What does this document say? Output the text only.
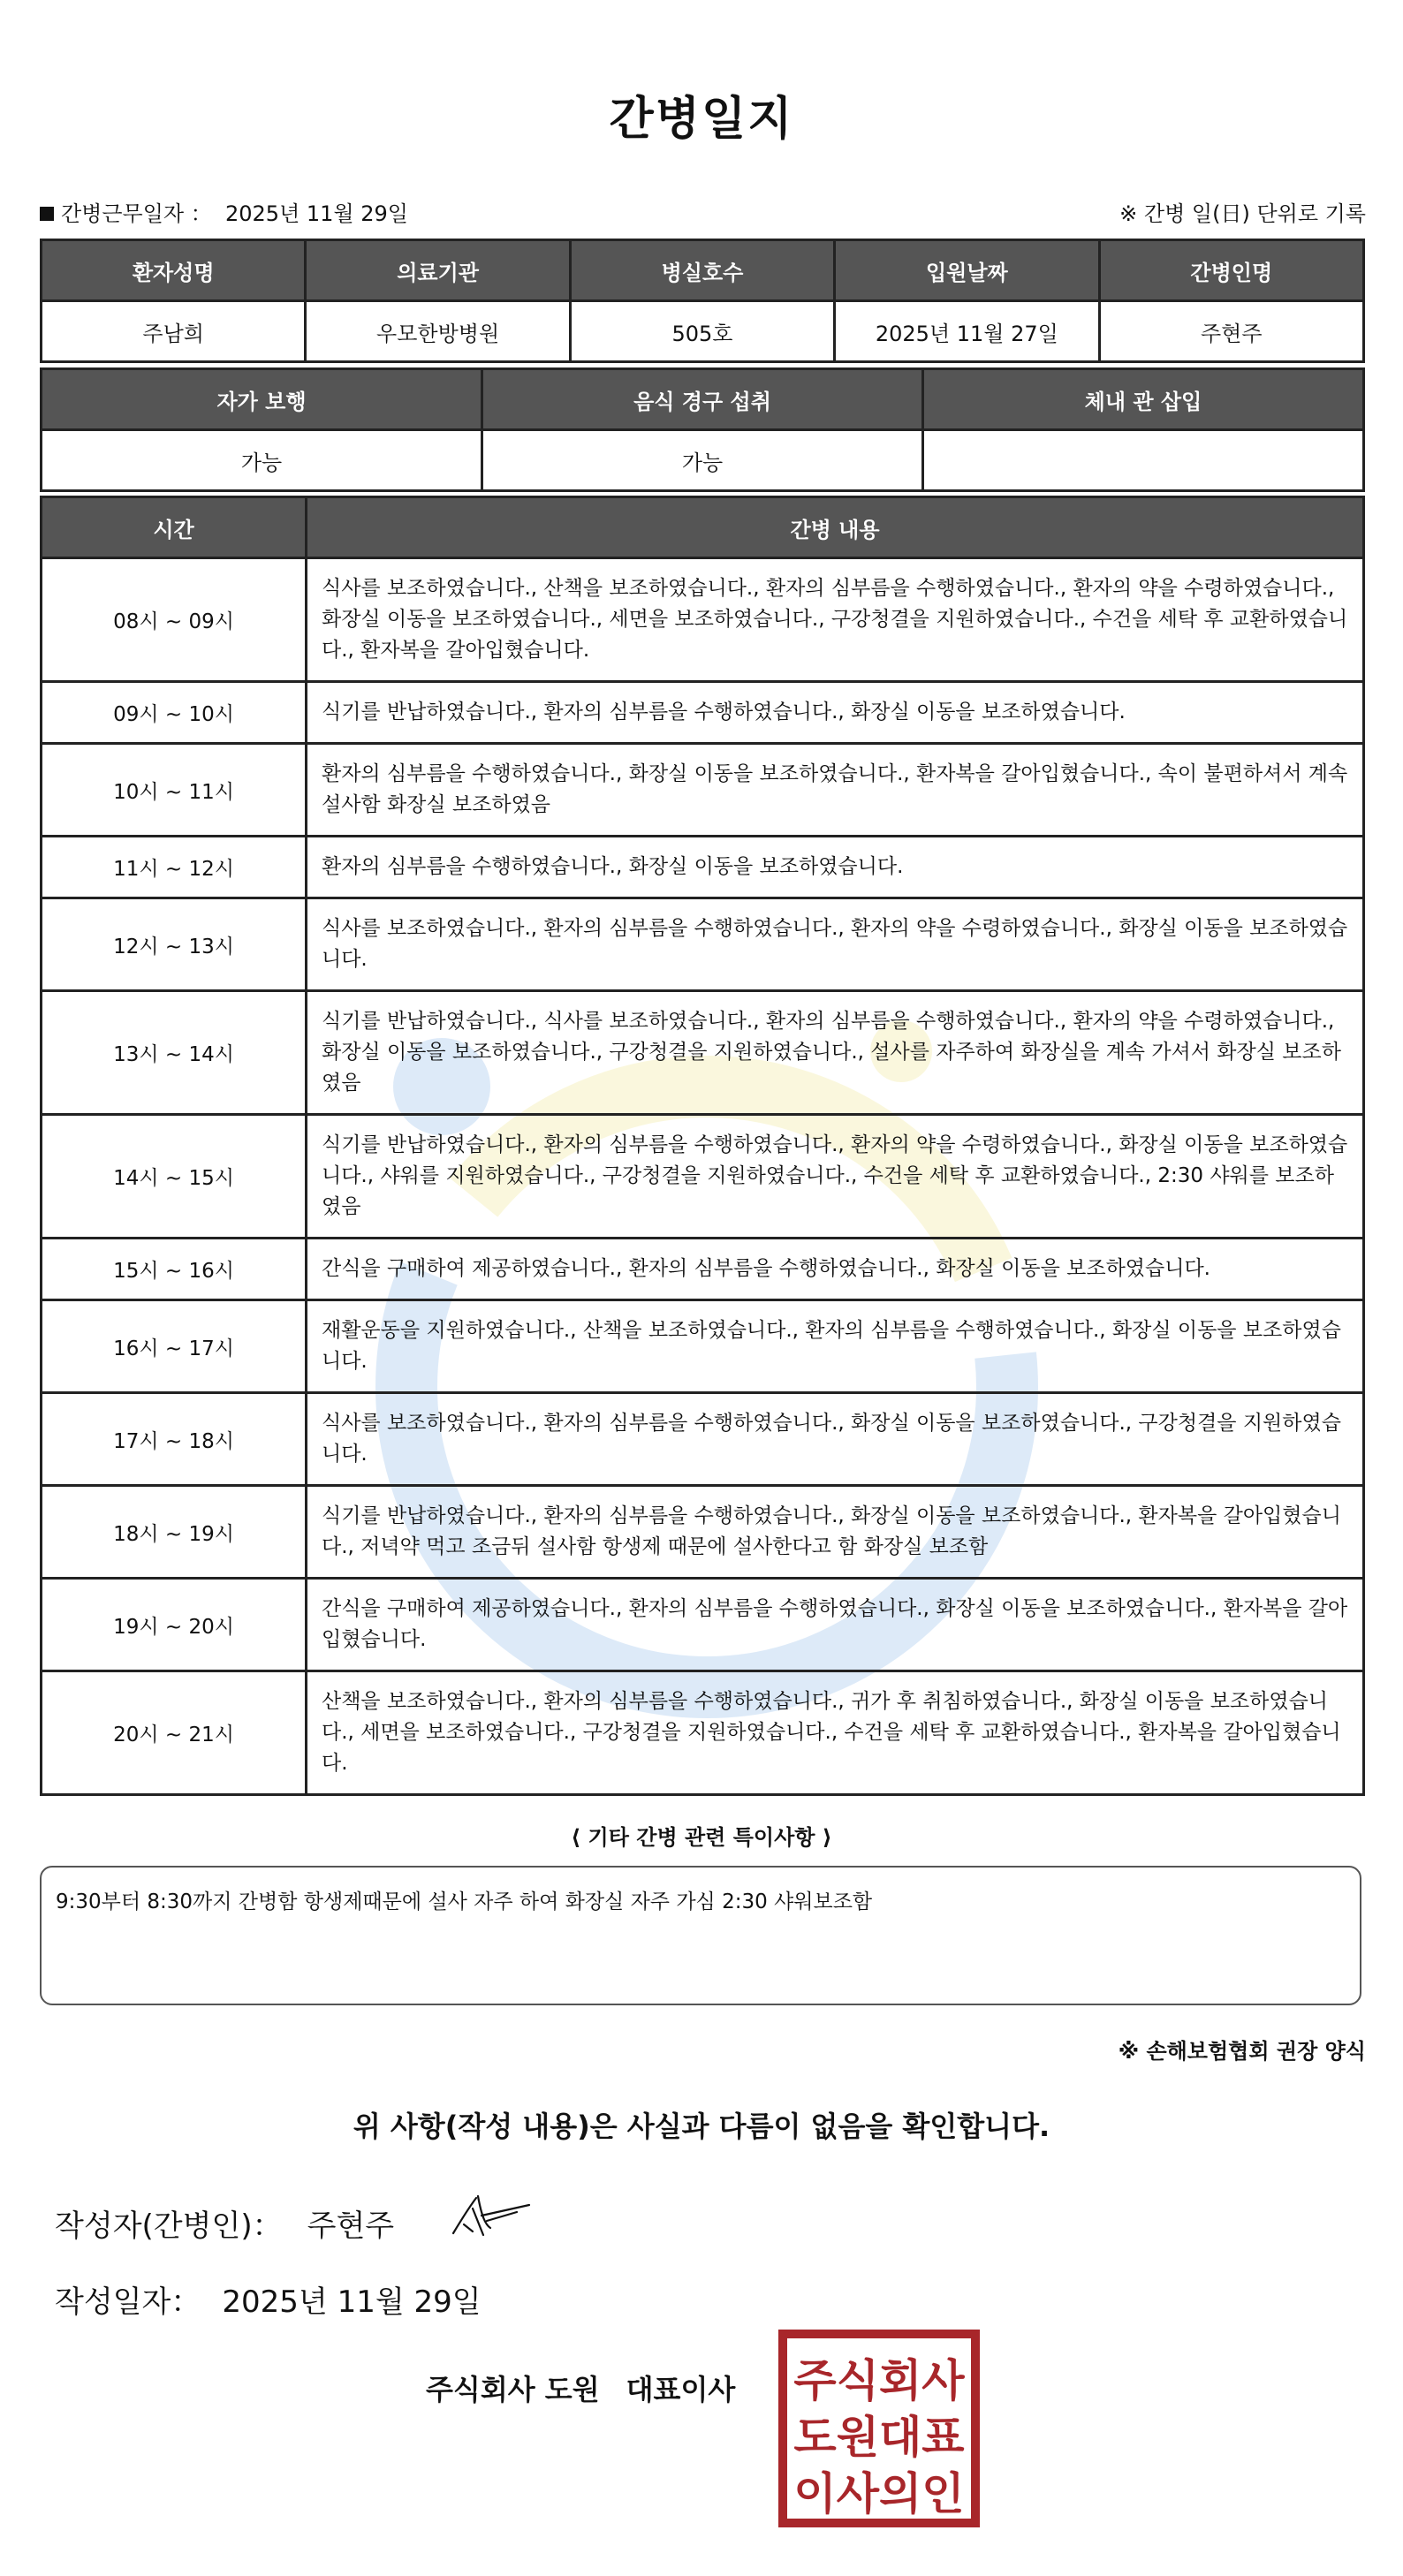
간병일지
간병근무일자 ： 2025년 11월 29일	※ 간병 일(日) 단위로 기록
환자성명	의료기관	병실호수	입원날짜	간병인명
주남희	우모한방병원	505호	2025년 11월 27일	주현주
자가 보행	음식 경구 섭취	체내 관 삽입
가능	가능	
시간	간병 내용
08시 ~ 09시	식사를 보조하였습니다., 산책을 보조하였습니다., 환자의 심부름을 수행하였습니다., 환자의 약을 수령하였습니다., 화장실 이동을 보조하였습니다., 세면을 보조하였습니다., 구강청결을 지원하였습니다., 수건을 세탁 후 교환하였습니다., 환자복을 갈아입혔습니다.
09시 ~ 10시	식기를 반납하였습니다., 환자의 심부름을 수행하였습니다., 화장실 이동을 보조하였습니다.
10시 ~ 11시	환자의 심부름을 수행하였습니다., 화장실 이동을 보조하였습니다., 환자복을 갈아입혔습니다., 속이 불편하셔서 계속 설사함 화장실 보조하였음
11시 ~ 12시	환자의 심부름을 수행하였습니다., 화장실 이동을 보조하였습니다.
12시 ~ 13시	식사를 보조하였습니다., 환자의 심부름을 수행하였습니다., 환자의 약을 수령하였습니다., 화장실 이동을 보조하였습니다.
13시 ~ 14시	식기를 반납하였습니다., 식사를 보조하였습니다., 환자의 심부름을 수행하였습니다., 환자의 약을 수령하였습니다., 화장실 이동을 보조하였습니다., 구강청결을 지원하였습니다., 설사를 자주하여 화장실을 계속 가셔서 화장실 보조하였음
14시 ~ 15시	식기를 반납하였습니다., 환자의 심부름을 수행하였습니다., 환자의 약을 수령하였습니다., 화장실 이동을 보조하였습니다., 샤워를 지원하였습니다., 구강청결을 지원하였습니다., 수건을 세탁 후 교환하였습니다., 2:30 샤워를 보조하였음
15시 ~ 16시	간식을 구매하여 제공하였습니다., 환자의 심부름을 수행하였습니다., 화장실 이동을 보조하였습니다.
16시 ~ 17시	재활운동을 지원하였습니다., 산책을 보조하였습니다., 환자의 심부름을 수행하였습니다., 화장실 이동을 보조하였습니다.
17시 ~ 18시	식사를 보조하였습니다., 환자의 심부름을 수행하였습니다., 화장실 이동을 보조하였습니다., 구강청결을 지원하였습니다.
18시 ~ 19시	식기를 반납하였습니다., 환자의 심부름을 수행하였습니다., 화장실 이동을 보조하였습니다., 환자복을 갈아입혔습니다., 저녁약 먹고 조금뒤 설사함 항생제 때문에 설사한다고 함 화장실 보조함
19시 ~ 20시	간식을 구매하여 제공하였습니다., 환자의 심부름을 수행하였습니다., 화장실 이동을 보조하였습니다., 환자복을 갈아입혔습니다.
20시 ~ 21시	산책을 보조하였습니다., 환자의 심부름을 수행하였습니다., 귀가 후 취침하였습니다., 화장실 이동을 보조하였습니다., 세면을 보조하였습니다., 구강청결을 지원하였습니다., 수건을 세탁 후 교환하였습니다., 환자복을 갈아입혔습니다.
⟨ 기타 간병 관련 특이사항 ⟩
9:30부터 8:30까지 간병함 항생제때문에 설사 자주 하여 화장실 자주 가심 2:30 샤워보조함
※ 손해보험협회 권장 양식
위 사항(작성 내용)은 사실과 다름이 없음을 확인합니다.
작성자(간병인)： 주현주
작성일자： 2025년 11월 29일
주식회사 도원 대표이사 주식회사
도원대표
이사의인
